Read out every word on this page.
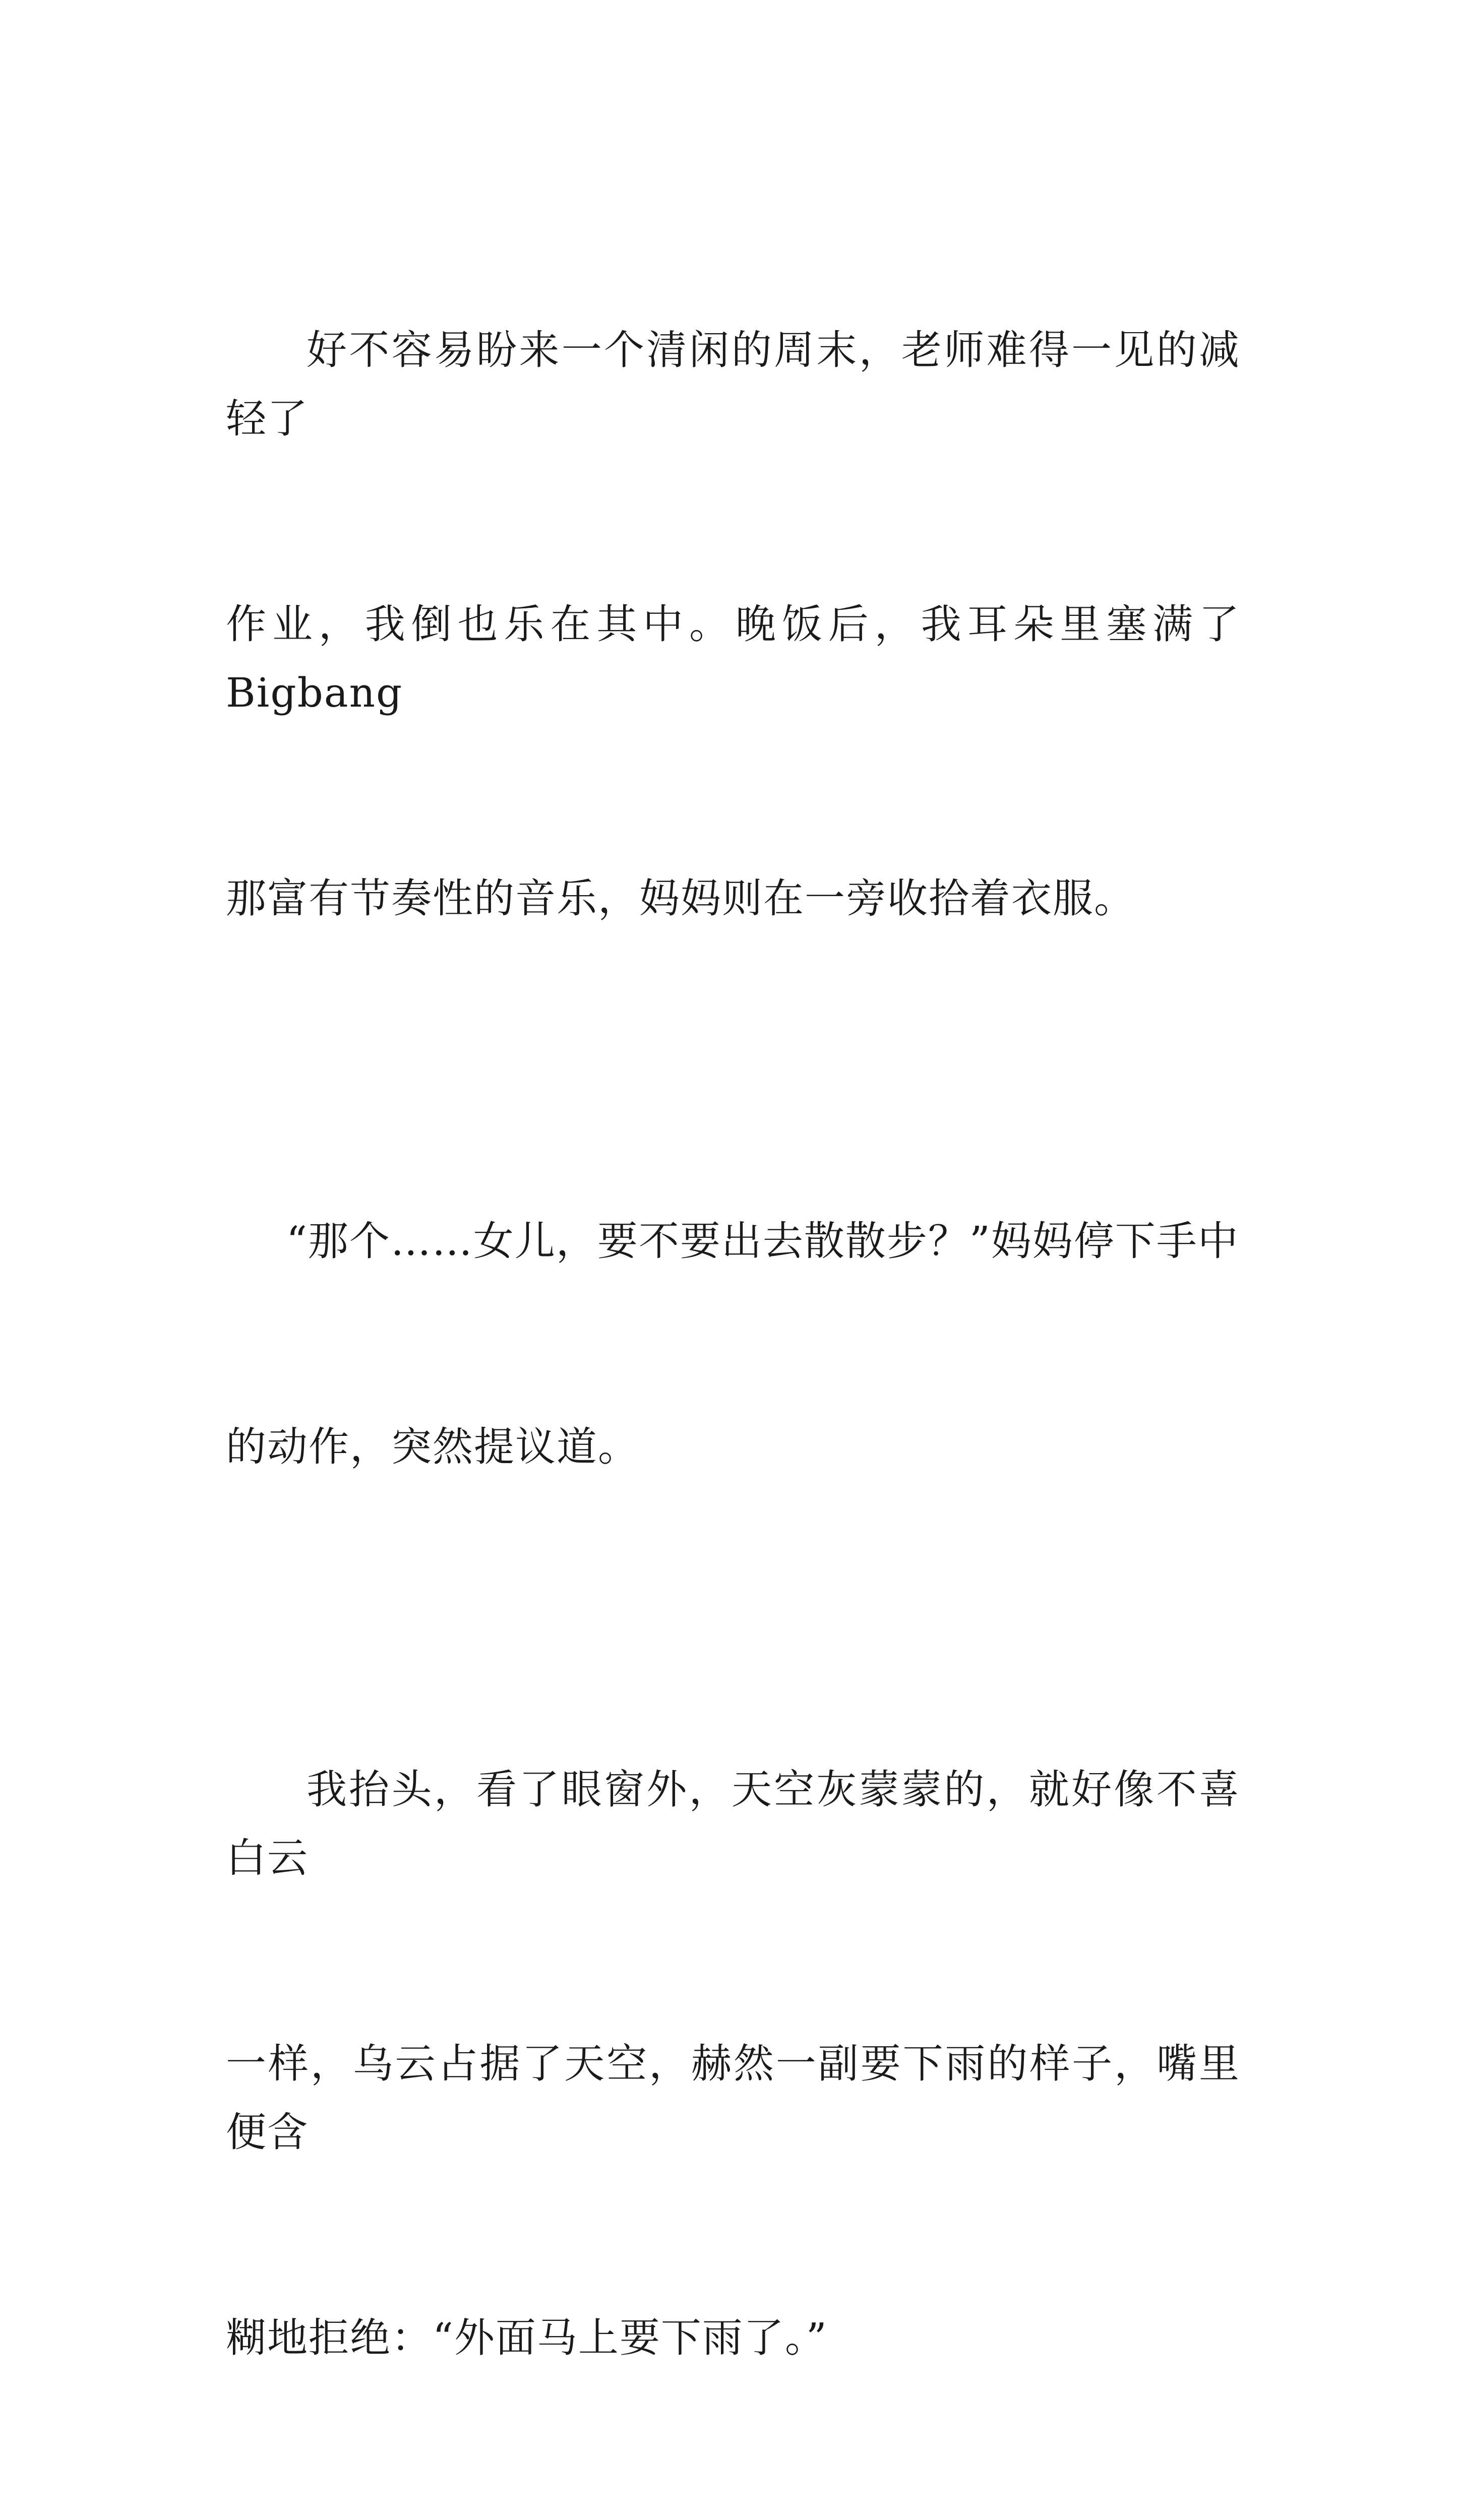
好不容易盼来一个清闲的周末，老师难得一见的减轻了

作业，我倒也乐在其中。晚饭后，我耳朵里塞满了 Bigbang

那富有节奏性的音乐，妈妈则在一旁收拾着衣服。

“那个……女儿，要不要出去散散步？”妈妈停下手中

的动作，突然提议道。

我抬头，看了眼窗外，天空灰蒙蒙的，就好像不喜白云

一样，乌云占据了天空，赫然一副要下雨的样子，嘴里便含

糊地拒绝：“外面马上要下雨了。”
